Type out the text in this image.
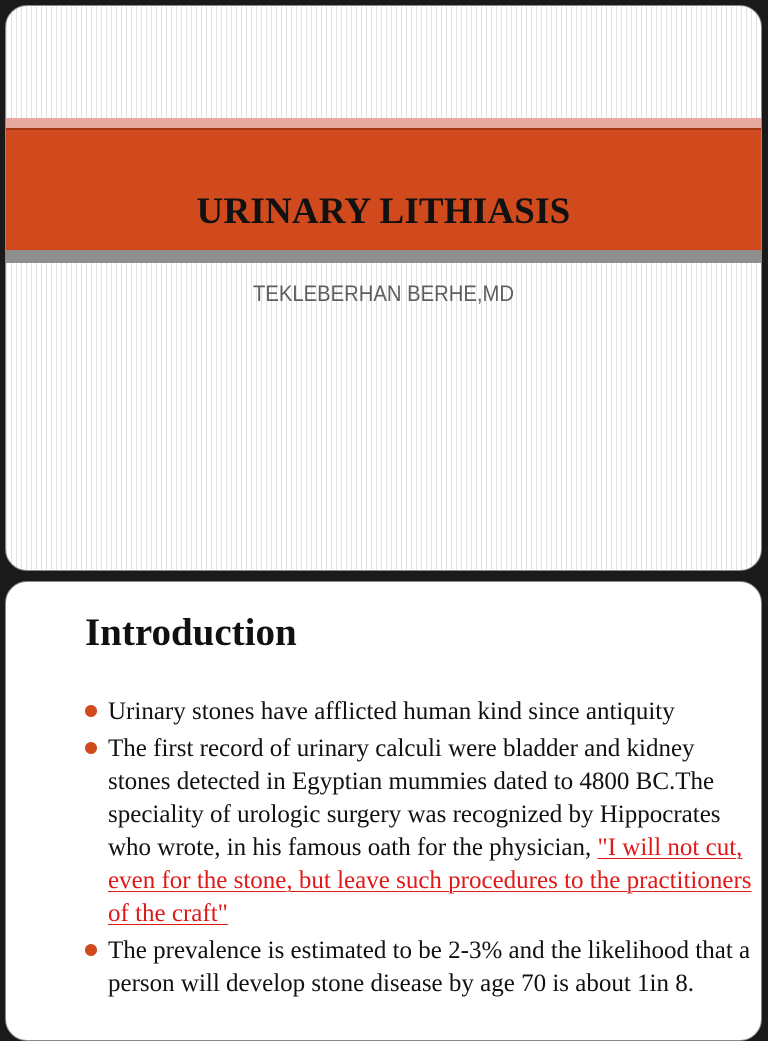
URINARY LITHIASIS
TEKLEBERHAN BERHE,MD
Introduction
Urinary stones have afflicted human kind since antiquity
The first record of urinary calculi were bladder and kidney stones detected in Egyptian mummies dated to 4800 BC.The speciality of urologic surgery was recognized by Hippocrates who wrote, in his famous oath for the physician, "I will not cut, even for the stone, but leave such procedures to the practitioners of the craft"
The prevalence is estimated to be 2-3% and the likelihood that a person will develop stone disease by age 70 is about 1in 8.
